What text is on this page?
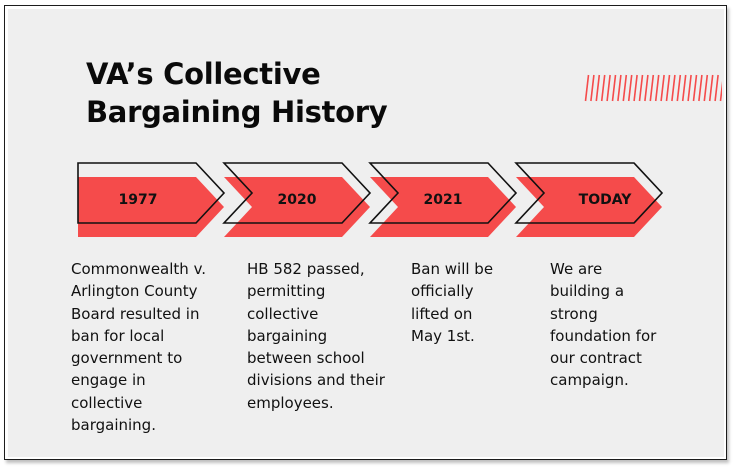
VA’s Collective
Bargaining History
1977	2020	2021	TODAY

Commonwealth v.
Arlington County
Board resulted in
ban for local
government to
engage in
collective
bargaining.

HB 582 passed,
permitting
collective
bargaining
between school
divisions and their
employees.

Ban will be
officially
lifted on
May 1st.

We are
building a
strong
foundation for
our contract
campaign.
